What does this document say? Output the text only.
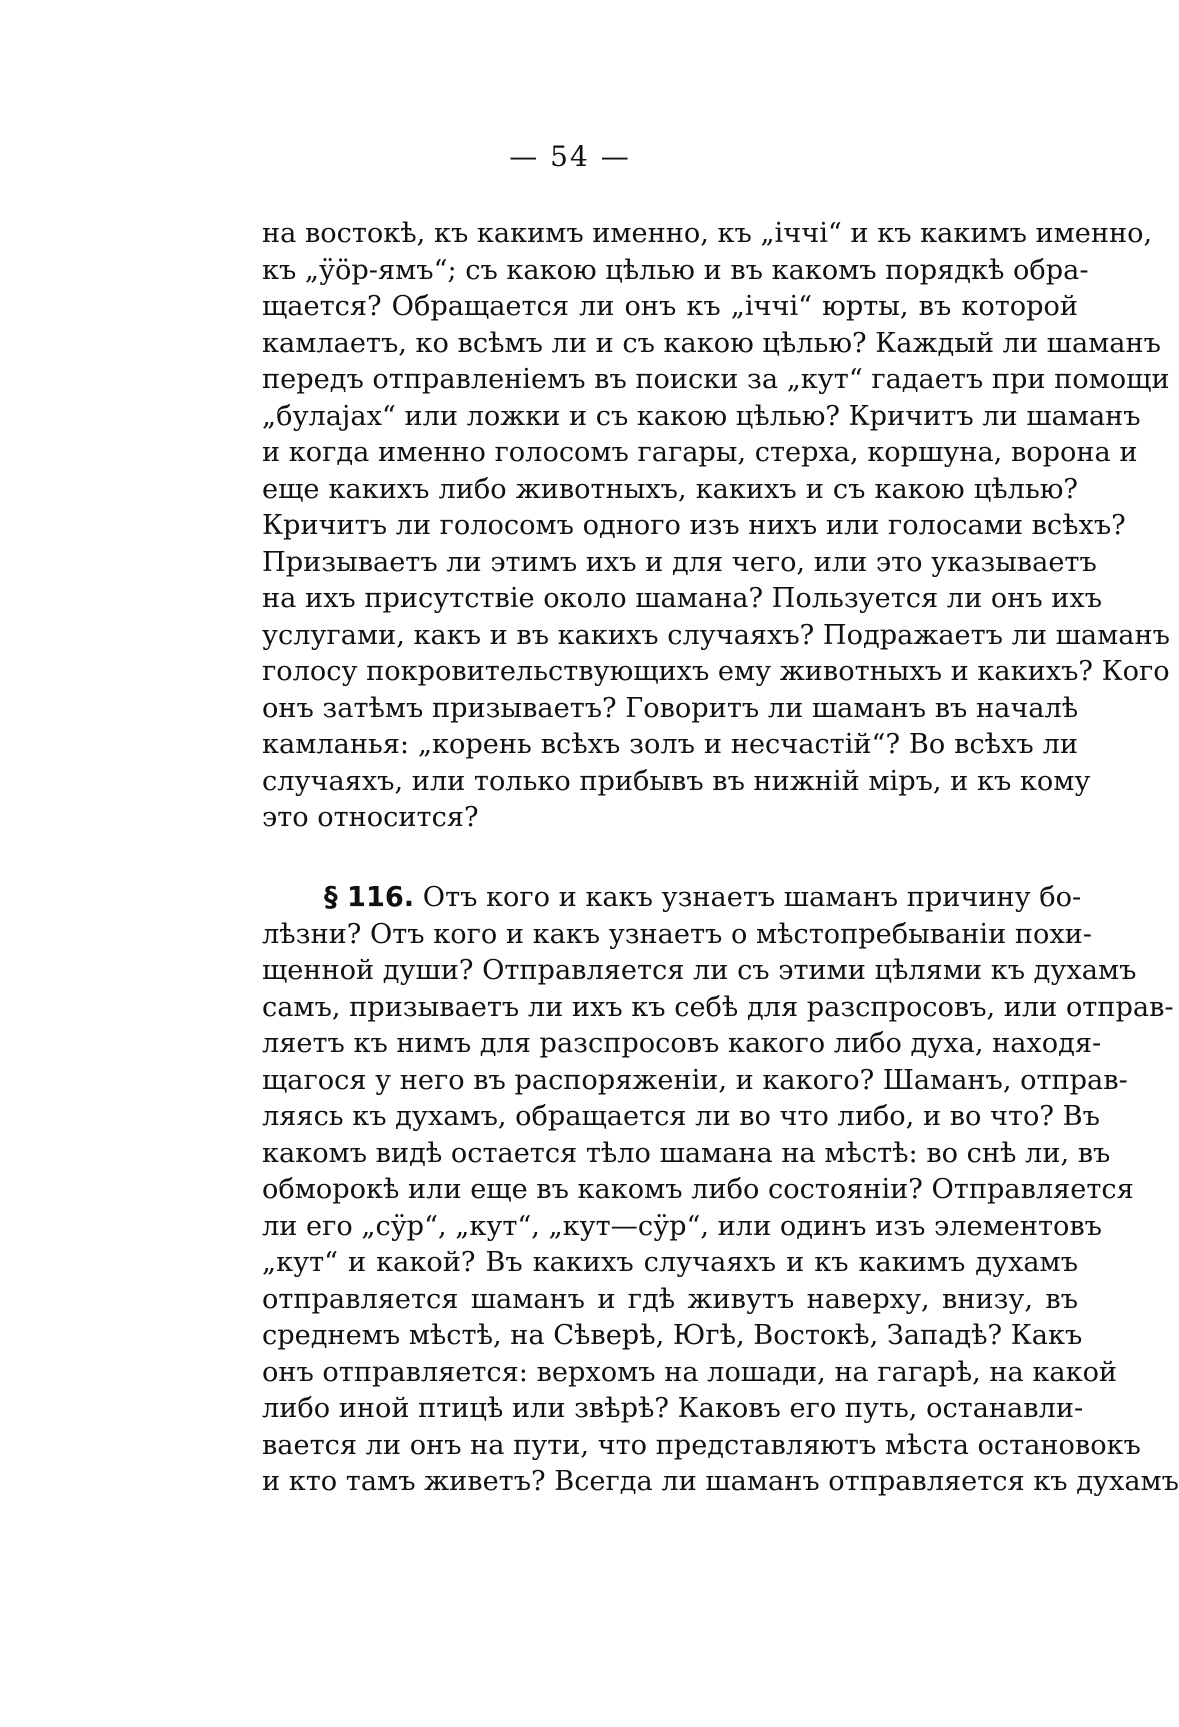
— 54 —
на востокѣ, къ какимъ именно, къ „іччі“ и къ какимъ именно,
къ „ӱӧр-ямъ“; съ какою цѣлью и въ какомъ порядкѣ обра-
щается? Обращается ли онъ къ „іччі“ юрты, въ которой
камлаетъ, ко всѣмъ ли и съ какою цѣлью? Каждый ли шаманъ
передъ отправленіемъ въ поиски за „кут“ гадаетъ при помощи
„булаjах“ или ложки и съ какою цѣлью? Кричитъ ли шаманъ
и когда именно голосомъ гагары, стерха, коршуна, ворона и
еще какихъ либо животныхъ, какихъ и съ какою цѣлью?
Кричитъ ли голосомъ одного изъ нихъ или голосами всѣхъ?
Призываетъ ли этимъ ихъ и для чего, или это указываетъ
на ихъ присутствіе около шамана? Пользуется ли онъ ихъ
услугами, какъ и въ какихъ случаяхъ? Подражаетъ ли шаманъ
голосу покровительствующихъ ему животныхъ и какихъ? Кого
онъ затѣмъ призываетъ? Говоритъ ли шаманъ въ началѣ
камланья: „корень всѣхъ золъ и несчастій“? Во всѣхъ ли
случаяхъ, или только прибывъ въ нижній міръ, и къ кому
это относится?
§ 116. Отъ кого и какъ узнаетъ шаманъ причину бо-
лѣзни? Отъ кого и какъ узнаетъ о мѣстопребываніи похи-
щенной души? Отправляется ли съ этими цѣлями къ духамъ
самъ, призываетъ ли ихъ къ себѣ для разспросовъ, или отправ-
ляетъ къ нимъ для разспросовъ какого либо духа, находя-
щагося у него въ распоряженіи, и какого? Шаманъ, отправ-
ляясь къ духамъ, обращается ли во что либо, и во что? Въ
какомъ видѣ остается тѣло шамана на мѣстѣ: во снѣ ли, въ
обморокѣ или еще въ какомъ либо состояніи? Отправляется
ли его „сӱр“, „кут“, „кут—сӱр“, или одинъ изъ элементовъ
„кут“ и какой? Въ какихъ случаяхъ и къ какимъ духамъ
отправляется шаманъ и гдѣ живутъ наверху, внизу, въ
среднемъ мѣстѣ, на Сѣверѣ, Югѣ, Востокѣ, Западѣ? Какъ
онъ отправляется: верхомъ на лошади, на гагарѣ, на какой
либо иной птицѣ или звѣрѣ? Каковъ его путь, останавли-
вается ли онъ на пути, что представляютъ мѣста остановокъ
и кто тамъ живетъ? Всегда ли шаманъ отправляется къ духамъ
